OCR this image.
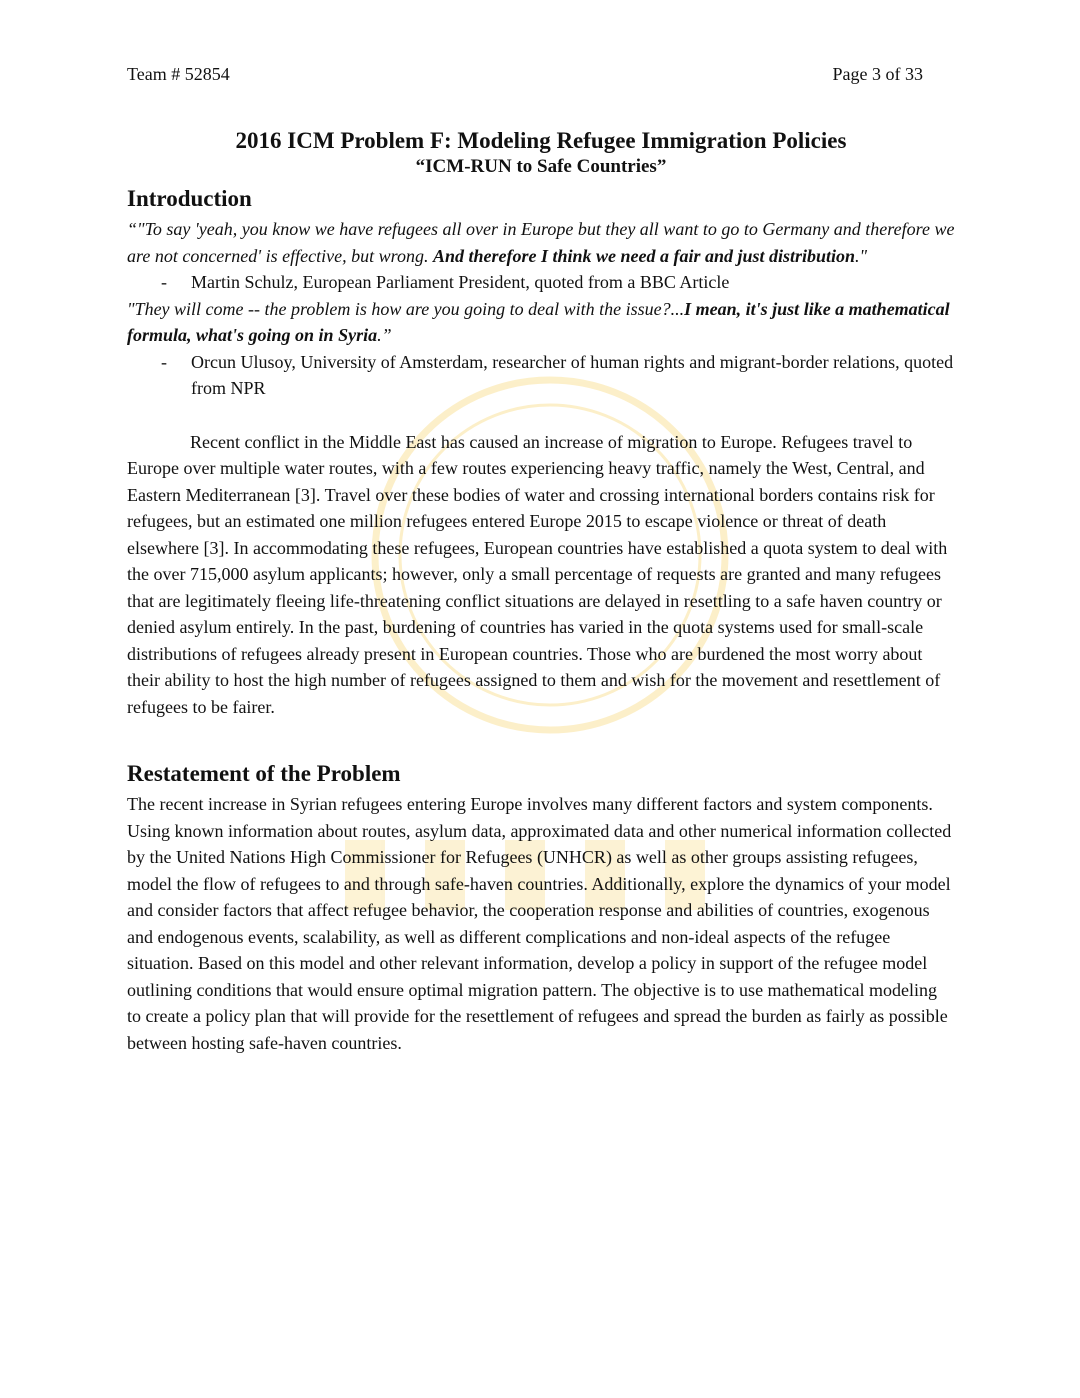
Team # 52854	Page 3 of 33

2016 ICM Problem F: Modeling Refugee Immigration Policies

“ICM-RUN to Safe Countries”

Introduction

“"To say 'yeah, you know we have refugees all over in Europe but they all want to go to Germany and therefore we are not concerned' is effective, but wrong. And therefore I think we need a fair and just distribution."

-	Martin Schulz, European Parliament President, quoted from a BBC Article

"They will come -- the problem is how are you going to deal with the issue?...I mean, it's just like a mathematical formula, what's going on in Syria.”

-	Orcun Ulusoy, University of Amsterdam, researcher of human rights and migrant-border relations, quoted from NPR

Recent conflict in the Middle East has caused an increase of migration to Europe. Refugees travel to Europe over multiple water routes, with a few routes experiencing heavy traffic, namely the West, Central, and Eastern Mediterranean [3]. Travel over these bodies of water and crossing international borders contains risk for refugees, but an estimated one million refugees entered Europe 2015 to escape violence or threat of death elsewhere [3]. In accommodating these refugees, European countries have established a quota system to deal with the over 715,000 asylum applicants; however, only a small percentage of requests are granted and many refugees that are legitimately fleeing life-threatening conflict situations are delayed in resettling to a safe haven country or denied asylum entirely. In the past, burdening of countries has varied in the quota systems used for small-scale distributions of refugees already present in European countries. Those who are burdened the most worry about their ability to host the high number of refugees assigned to them and wish for the movement and resettlement of refugees to be fairer.

Restatement of the Problem

The recent increase in Syrian refugees entering Europe involves many different factors and system components. Using known information about routes, asylum data, approximated data and other numerical information collected by the United Nations High Commissioner for Refugees (UNHCR) as well as other groups assisting refugees, model the flow of refugees to and through safe-haven countries. Additionally, explore the dynamics of your model and consider factors that affect refugee behavior, the cooperation response and abilities of countries, exogenous and endogenous events, scalability, as well as different complications and non-ideal aspects of the refugee situation. Based on this model and other relevant information, develop a policy in support of the refugee model outlining conditions that would ensure optimal migration pattern. The objective is to use mathematical modeling to create a policy plan that will provide for the resettlement of refugees and spread the burden as fairly as possible between hosting safe-haven countries.
